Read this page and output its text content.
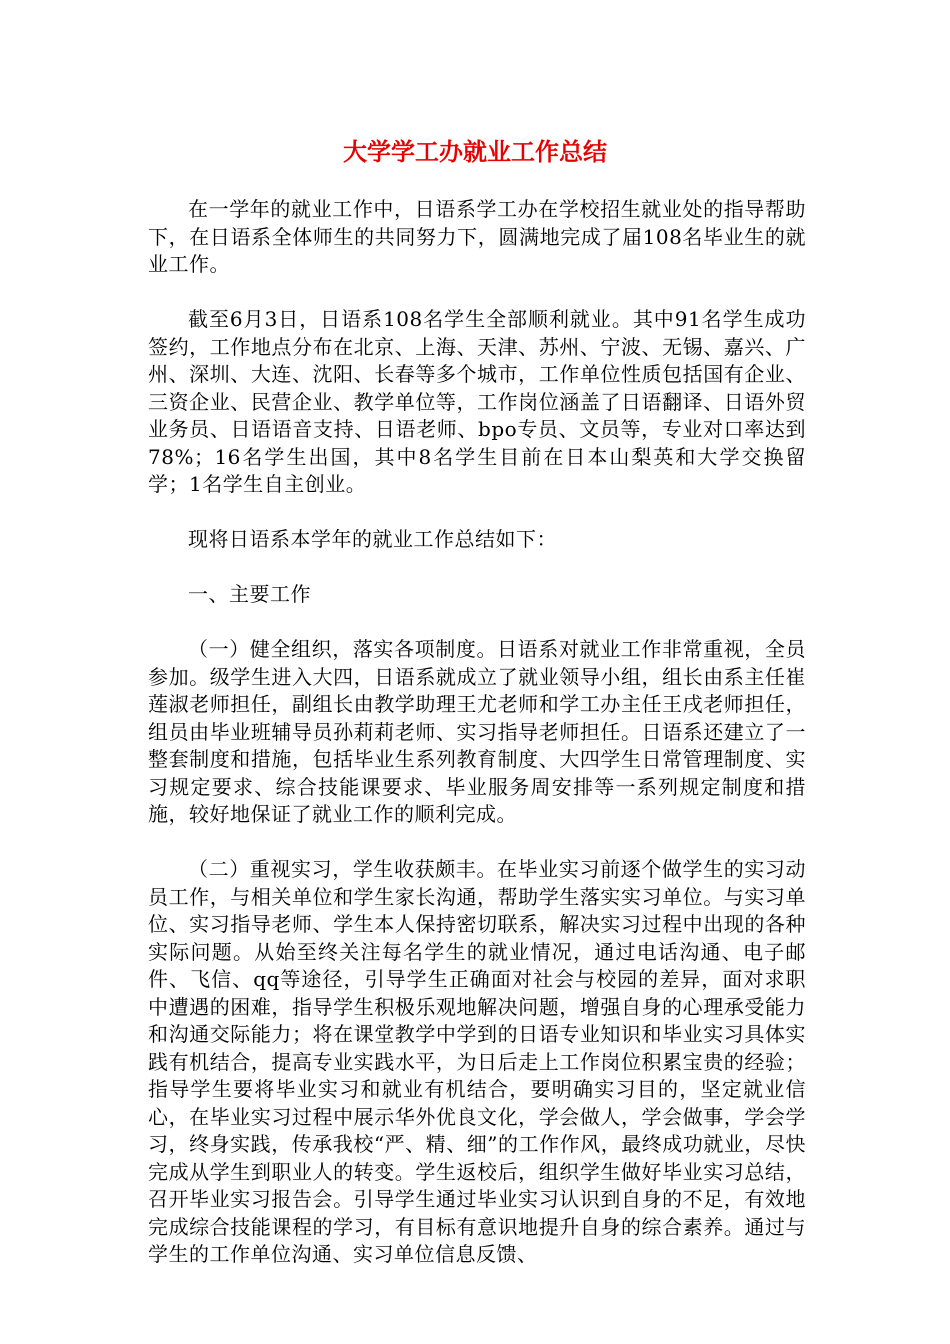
大学学工办就业工作总结

在一学年的就业工作中，日语系学工办在学校招生就业处的指导帮助下，在日语系全体师生的共同努力下，圆满地完成了届108名毕业生的就业工作。

截至6月3日，日语系108名学生全部顺利就业。其中91名学生成功签约，工作地点分布在北京、上海、天津、苏州、宁波、无锡、嘉兴、广州、深圳、大连、沈阳、长春等多个城市，工作单位性质包括国有企业、三资企业、民营企业、教学单位等，工作岗位涵盖了日语翻译、日语外贸业务员、日语语音支持、日语老师、bpo专员、文员等，专业对口率达到78%；16名学生出国，其中8名学生目前在日本山梨英和大学交换留学；1名学生自主创业。

现将日语系本学年的就业工作总结如下：

一、主要工作

（一）健全组织，落实各项制度。日语系对就业工作非常重视，全员参加。级学生进入大四，日语系就成立了就业领导小组，组长由系主任崔莲淑老师担任，副组长由教学助理王尤老师和学工办主任王戌老师担任，组员由毕业班辅导员孙莉莉老师、实习指导老师担任。日语系还建立了一整套制度和措施，包括毕业生系列教育制度、大四学生日常管理制度、实习规定要求、综合技能课要求、毕业服务周安排等一系列规定制度和措施，较好地保证了就业工作的顺利完成。

（二）重视实习，学生收获颇丰。在毕业实习前逐个做学生的实习动员工作，与相关单位和学生家长沟通，帮助学生落实实习单位。与实习单位、实习指导老师、学生本人保持密切联系，解决实习过程中出现的各种实际问题。从始至终关注每名学生的就业情况，通过电话沟通、电子邮件、飞信、qq等途径，引导学生正确面对社会与校园的差异，面对求职中遭遇的困难，指导学生积极乐观地解决问题，增强自身的心理承受能力和沟通交际能力；将在课堂教学中学到的日语专业知识和毕业实习具体实践有机结合，提高专业实践水平，为日后走上工作岗位积累宝贵的经验；指导学生要将毕业实习和就业有机结合，要明确实习目的，坚定就业信心，在毕业实习过程中展示华外优良文化，学会做人，学会做事，学会学习，终身实践，传承我校“严、精、细”的工作作风，最终成功就业，尽快完成从学生到职业人的转变。学生返校后，组织学生做好毕业实习总结，召开毕业实习报告会。引导学生通过毕业实习认识到自身的不足，有效地完成综合技能课程的学习，有目标有意识地提升自身的综合素养。通过与学生的工作单位沟通、实习单位信息反馈、
